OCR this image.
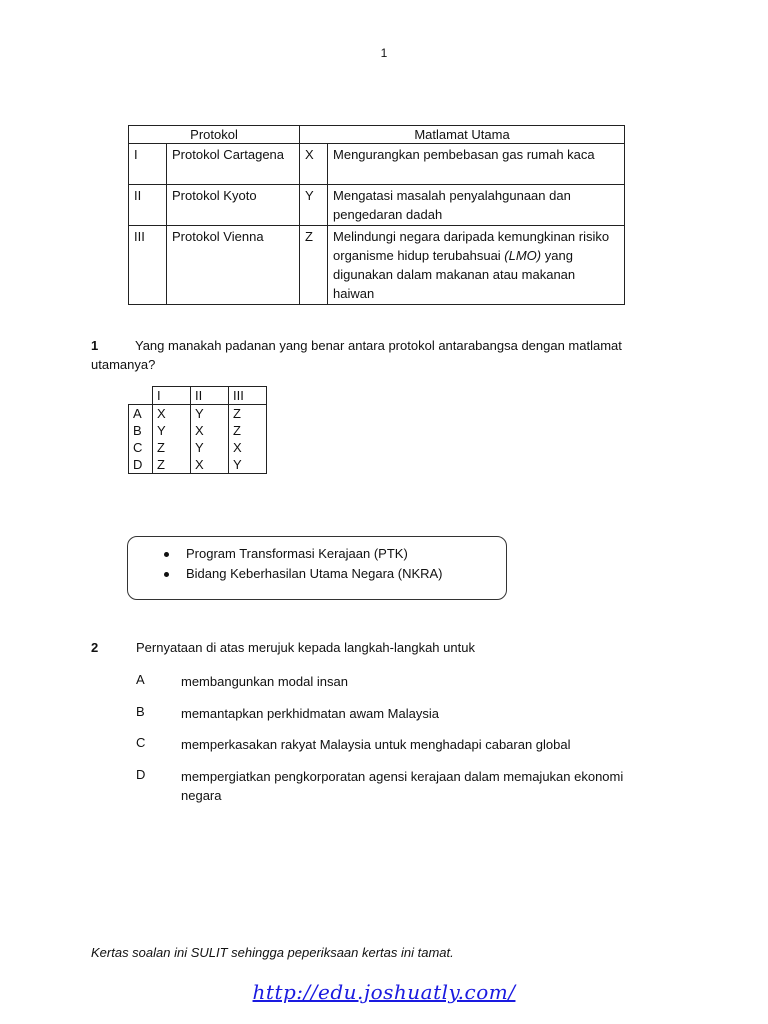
1
Protokol		Matlamat Utama	
I	Protokol Cartagena	X	Mengurangkan pembebasan gas rumah kaca
II	Protokol Kyoto	Y	Mengatasi masalah penyalahgunaan dan pengedaran dadah
III	Protokol Vienna	Z	Melindungi negara daripada kemungkinan risiko organisme hidup terubahsuai (LMO) yang digunakan dalam makanan atau makanan haiwan
1	Yang manakah padanan yang benar antara protokol antarabangsa dengan matlamat utamanya?
	I	II	III
A	X	Y	Z
B	Y	X	Z
C	Z	Y	X
D	Z	X	Y
Program Transformasi Kerajaan (PTK)
Bidang Keberhasilan Utama Negara (NKRA)
2	Pernyataan di atas merujuk kepada langkah-langkah untuk
A	membangunkan modal insan
B	memantapkan perkhidmatan awam Malaysia
C	memperkasakan rakyat Malaysia untuk menghadapi cabaran global
D	mempergiatkan pengkorporatan agensi kerajaan dalam memajukan ekonomi negara
Kertas soalan ini SULIT sehingga peperiksaan kertas ini tamat.
http://edu.joshuatly.com/
